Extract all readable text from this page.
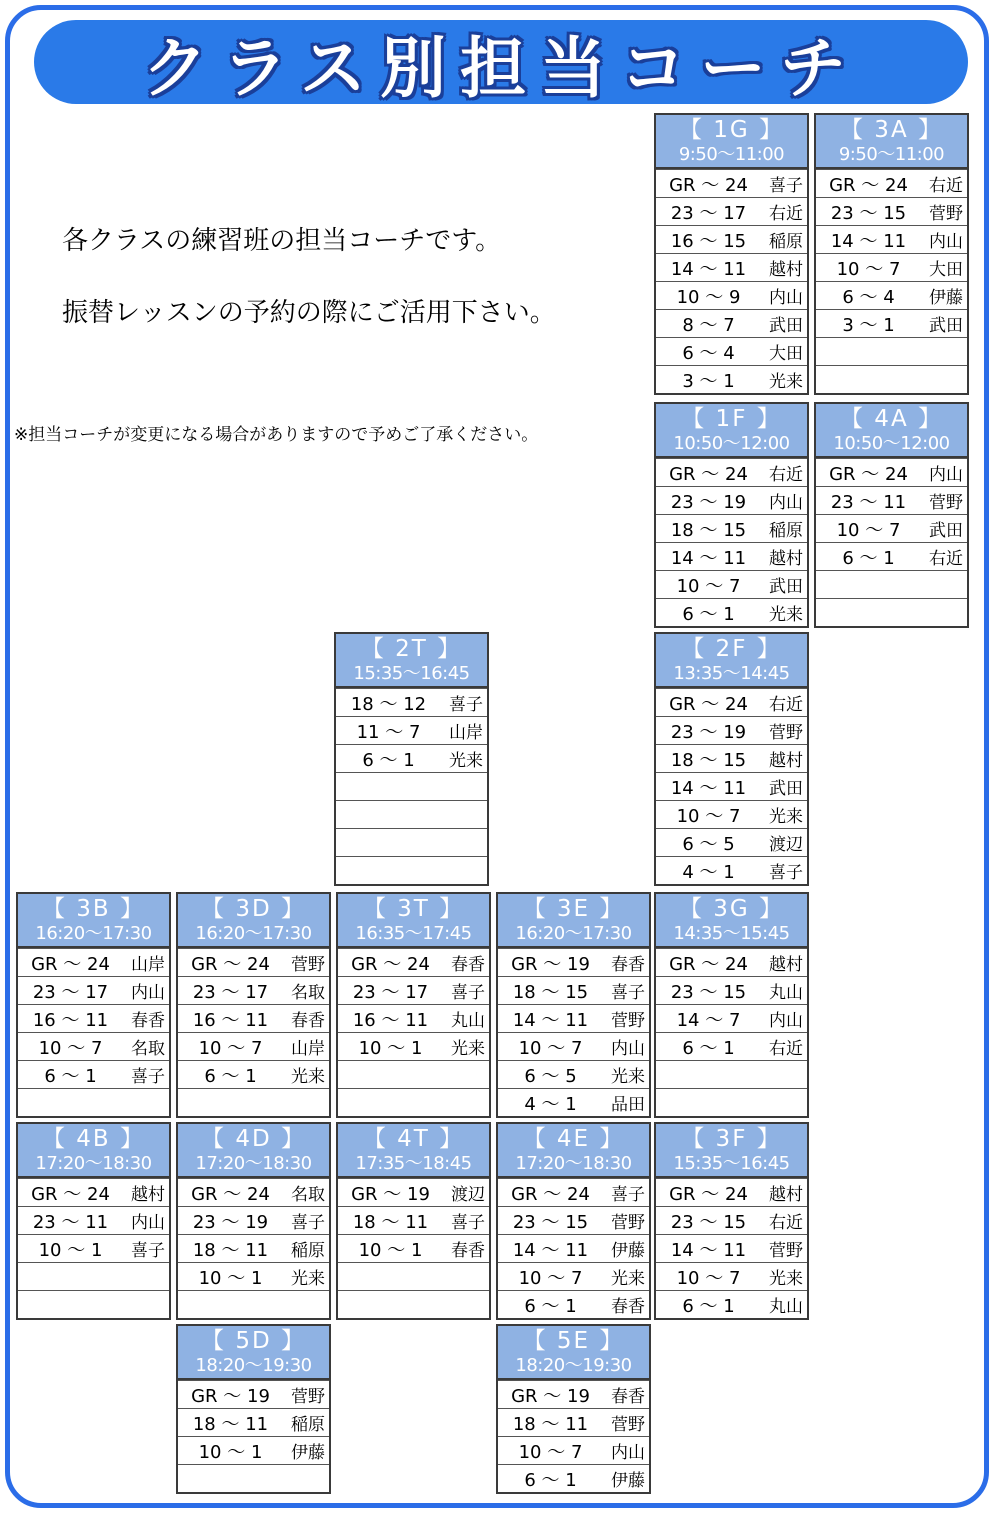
クラス別担当コーチ
各クラスの練習班の担当コーチです。
振替レッスンの予約の際にご活用下さい。
※担当コーチが変更になる場合がありますので予めご了承ください。
【 1G 】
9:50〜11:00
GR 〜 24	喜子
23 〜 17	右近
16 〜 15	稲原
14 〜 11	越村
10 〜 9	内山
8 〜 7	武田
6 〜 4	大田
3 〜 1	光来
【 3A 】
9:50〜11:00
GR 〜 24	右近
23 〜 15	菅野
14 〜 11	内山
10 〜 7	大田
6 〜 4	伊藤
3 〜 1	武田
【 1F 】
10:50〜12:00
GR 〜 24	右近
23 〜 19	内山
18 〜 15	稲原
14 〜 11	越村
10 〜 7	武田
6 〜 1	光来
【 4A 】
10:50〜12:00
GR 〜 24	内山
23 〜 11	菅野
10 〜 7	武田
6 〜 1	右近
【 2T 】
15:35〜16:45
18 〜 12	喜子
11 〜 7	山岸
6 〜 1	光来
【 2F 】
13:35〜14:45
GR 〜 24	右近
23 〜 19	菅野
18 〜 15	越村
14 〜 11	武田
10 〜 7	光来
6 〜 5	渡辺
4 〜 1	喜子
【 3B 】
16:20〜17:30
GR 〜 24	山岸
23 〜 17	内山
16 〜 11	春香
10 〜 7	名取
6 〜 1	喜子
【 3D 】
16:20〜17:30
GR 〜 24	菅野
23 〜 17	名取
16 〜 11	春香
10 〜 7	山岸
6 〜 1	光来
【 3T 】
16:35〜17:45
GR 〜 24	春香
23 〜 17	喜子
16 〜 11	丸山
10 〜 1	光来
【 3E 】
16:20〜17:30
GR 〜 19	春香
18 〜 15	喜子
14 〜 11	菅野
10 〜 7	内山
6 〜 5	光来
4 〜 1	品田
【 3G 】
14:35〜15:45
GR 〜 24	越村
23 〜 15	丸山
14 〜 7	内山
6 〜 1	右近
【 4B 】
17:20〜18:30
GR 〜 24	越村
23 〜 11	内山
10 〜 1	喜子
【 4D 】
17:20〜18:30
GR 〜 24	名取
23 〜 19	喜子
18 〜 11	稲原
10 〜 1	光来
【 4T 】
17:35〜18:45
GR 〜 19	渡辺
18 〜 11	喜子
10 〜 1	春香
【 4E 】
17:20〜18:30
GR 〜 24	喜子
23 〜 15	菅野
14 〜 11	伊藤
10 〜 7	光来
6 〜 1	春香
【 3F 】
15:35〜16:45
GR 〜 24	越村
23 〜 15	右近
14 〜 11	菅野
10 〜 7	光来
6 〜 1	丸山
【 5D 】
18:20〜19:30
GR 〜 19	菅野
18 〜 11	稲原
10 〜 1	伊藤
【 5E 】
18:20〜19:30
GR 〜 19	春香
18 〜 11	菅野
10 〜 7	内山
6 〜 1	伊藤
